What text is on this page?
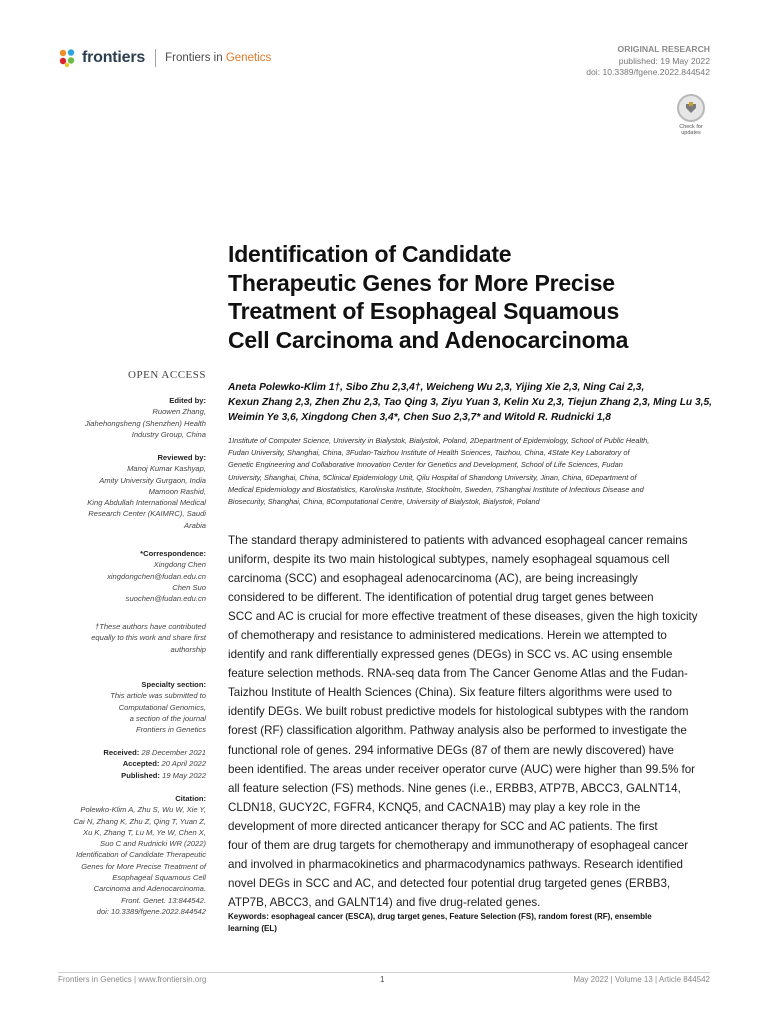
frontiers Frontiers in Genetics
ORIGINAL RESEARCH
published: 19 May 2022
doi: 10.3389/fgene.2022.844542
Check for updates
Identification of Candidate
Therapeutic Genes for More Precise
Treatment of Esophageal Squamous
Cell Carcinoma and Adenocarcinoma
Aneta Polewko-Klim 1†, Sibo Zhu 2,3,4†, Weicheng Wu 2,3, Yijing Xie 2,3, Ning Cai 2,3,
Kexun Zhang 2,3, Zhen Zhu 2,3, Tao Qing 3, Ziyu Yuan 3, Kelin Xu 2,3, Tiejun Zhang 2,3, Ming Lu 3,5,
Weimin Ye 3,6, Xingdong Chen 3,4*, Chen Suo 2,3,7* and Witold R. Rudnicki 1,8
1Institute of Computer Science, University in Bialystok, Bialystok, Poland, 2Department of Epidemiology, School of Public Health,
Fudan University, Shanghai, China, 3Fudan-Taizhou Institute of Health Sciences, Taizhou, China, 4State Key Laboratory of
Genetic Engineering and Collaborative Innovation Center for Genetics and Development, School of Life Sciences, Fudan
University, Shanghai, China, 5Clinical Epidemiology Unit, Qilu Hospital of Shandong University, Jinan, China, 6Department of
Medical Epidemiology and Biostatistics, Karolinska Institute, Stockholm, Sweden, 7Shanghai Institute of Infectious Disease and
Biosecurity, Shanghai, China, 8Computational Centre, University of Bialystok, Bialystok, Poland
The standard therapy administered to patients with advanced esophageal cancer remains
uniform, despite its two main histological subtypes, namely esophageal squamous cell
carcinoma (SCC) and esophageal adenocarcinoma (AC), are being increasingly
considered to be different. The identification of potential drug target genes between
SCC and AC is crucial for more effective treatment of these diseases, given the high toxicity
of chemotherapy and resistance to administered medications. Herein we attempted to
identify and rank differentially expressed genes (DEGs) in SCC vs. AC using ensemble
feature selection methods. RNA-seq data from The Cancer Genome Atlas and the Fudan-
Taizhou Institute of Health Sciences (China). Six feature filters algorithms were used to
identify DEGs. We built robust predictive models for histological subtypes with the random
forest (RF) classification algorithm. Pathway analysis also be performed to investigate the
functional role of genes. 294 informative DEGs (87 of them are newly discovered) have
been identified. The areas under receiver operator curve (AUC) were higher than 99.5% for
all feature selection (FS) methods. Nine genes (i.e., ERBB3, ATP7B, ABCC3, GALNT14,
CLDN18, GUCY2C, FGFR4, KCNQ5, and CACNA1B) may play a key role in the
development of more directed anticancer therapy for SCC and AC patients. The first
four of them are drug targets for chemotherapy and immunotherapy of esophageal cancer
and involved in pharmacokinetics and pharmacodynamics pathways. Research identified
novel DEGs in SCC and AC, and detected four potential drug targeted genes (ERBB3,
ATP7B, ABCC3, and GALNT14) and five drug-related genes.
Keywords: esophageal cancer (ESCA), drug target genes, Feature Selection (FS), random forest (RF), ensemble
learning (EL)
OPEN ACCESS
Edited by:
Ruowen Zhang,
Jiahehongsheng (Shenzhen) Health
Industry Group, China
Reviewed by:
Manoj Kumar Kashyap,
Amity University Gurgaon, India
Mamoon Rashid,
King Abdullah International Medical
Research Center (KAIMRC), Saudi
Arabia
*Correspondence:
Xingdong Chen
xingdongchen@fudan.edu.cn
Chen Suo
suochen@fudan.edu.cn
†These authors have contributed
equally to this work and share first
authorship
Specialty section:
This article was submitted to
Computational Genomics,
a section of the journal
Frontiers in Genetics
Received: 28 December 2021
Accepted: 20 April 2022
Published: 19 May 2022
Citation:
Polewko-Klim A, Zhu S, Wu W, Xie Y,
Cai N, Zhang K, Zhu Z, Qing T, Yuan Z,
Xu K, Zhang T, Lu M, Ye W, Chen X,
Suo C and Rudnicki WR (2022)
Identification of Candidate Therapeutic
Genes for More Precise Treatment of
Esophageal Squamous Cell
Carcinoma and Adenocarcinoma.
Front. Genet. 13:844542.
doi: 10.3389/fgene.2022.844542
Frontiers in Genetics | www.frontiersin.org	1	May 2022 | Volume 13 | Article 844542
